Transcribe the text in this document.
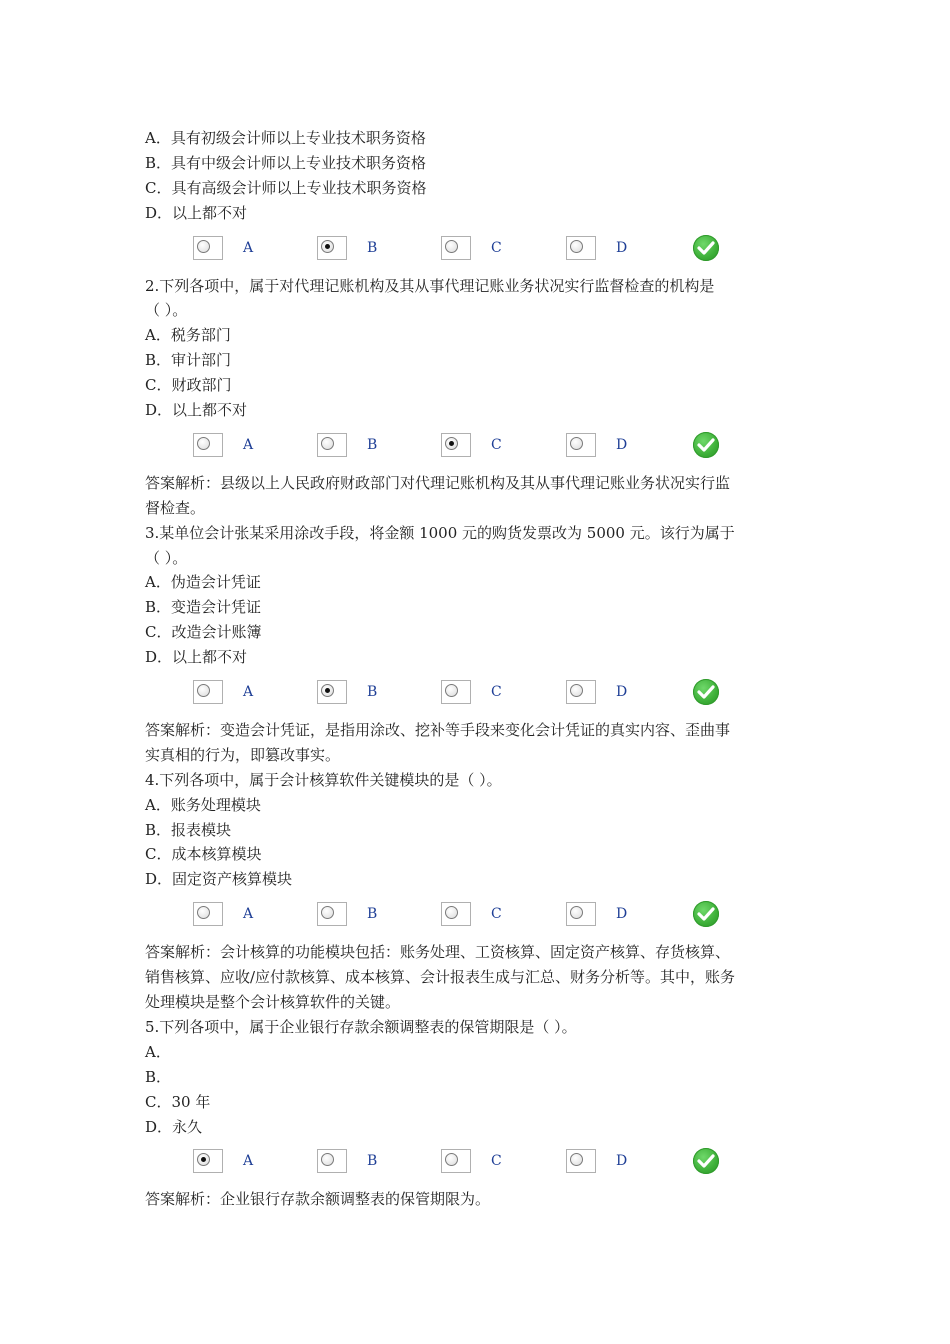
A．具有初级会计师以上专业技术职务资格
B．具有中级会计师以上专业技术职务资格
C．具有高级会计师以上专业技术职务资格
D．以上都不对
A	B	C	D
2.下列各项中，属于对代理记账机构及其从事代理记账业务状况实行监督检查的机构是
（ ）。
A．税务部门
B．审计部门
C．财政部门
D．以上都不对
A	B	C	D
答案解析：县级以上人民政府财政部门对代理记账机构及其从事代理记账业务状况实行监
督检查。
3.某单位会计张某采用涂改手段，将金额 1000 元的购货发票改为 5000 元。该行为属于
（ ）。
A．伪造会计凭证
B．变造会计凭证
C．改造会计账簿
D．以上都不对
A	B	C	D
答案解析：变造会计凭证，是指用涂改、挖补等手段来变化会计凭证的真实内容、歪曲事
实真相的行为，即篡改事实。
4.下列各项中，属于会计核算软件关键模块的是（ ）。
A．账务处理模块
B．报表模块
C．成本核算模块
D．固定资产核算模块
A	B	C	D
答案解析：会计核算的功能模块包括：账务处理、工资核算、固定资产核算、存货核算、
销售核算、应收/应付款核算、成本核算、会计报表生成与汇总、财务分析等。其中，账务
处理模块是整个会计核算软件的关键。
5.下列各项中，属于企业银行存款余额调整表的保管期限是（ ）。
A．
B．
C．30 年
D．永久
A	B	C	D
答案解析：企业银行存款余额调整表的保管期限为。
